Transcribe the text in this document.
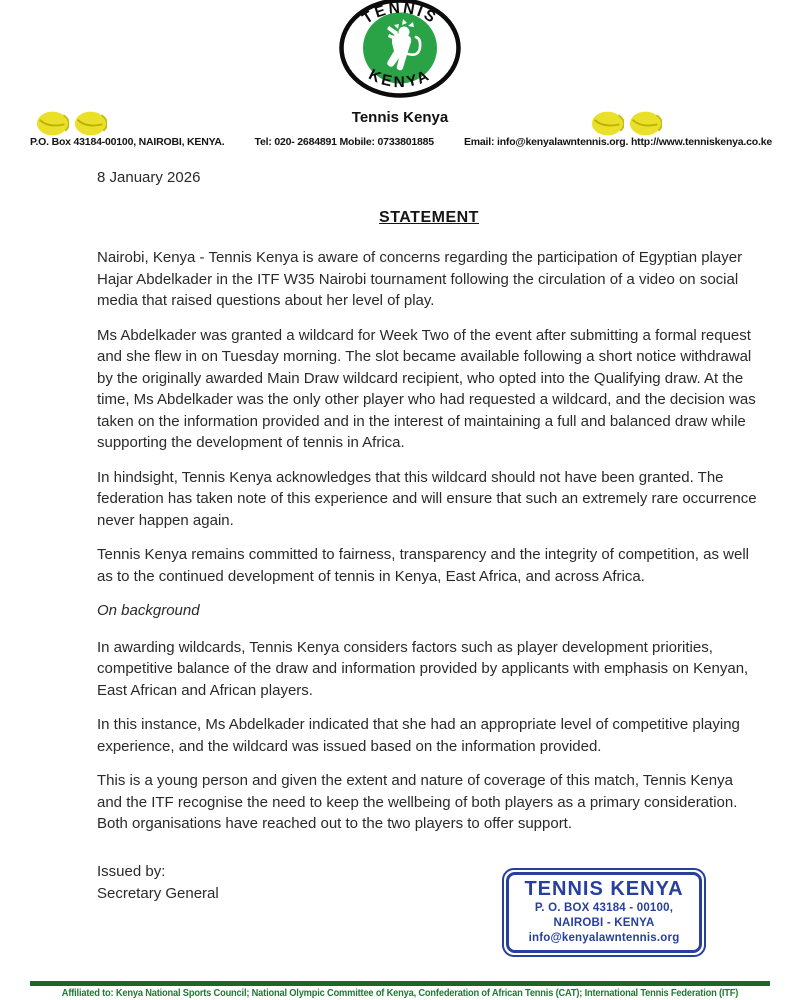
TENNIS
KENYA
Tennis Kenya
P.O. Box 43184-00100, NAIROBI, KENYA.	Tel: 020- 2684891 Mobile: 0733801885	Email: info@kenyalawntennis.org. http://www.tenniskenya.co.ke
8 January 2026
STATEMENT

Nairobi, Kenya - Tennis Kenya is aware of concerns regarding the participation of Egyptian player Hajar Abdelkader in the ITF W35 Nairobi tournament following the circulation of a video on social media that raised questions about her level of play.

Ms Abdelkader was granted a wildcard for Week Two of the event after submitting a formal request and she flew in on Tuesday morning. The slot became available following a short notice withdrawal by the originally awarded Main Draw wildcard recipient, who opted into the Qualifying draw. At the time, Ms Abdelkader was the only other player who had requested a wildcard, and the decision was taken on the information provided and in the interest of maintaining a full and balanced draw while supporting the development of tennis in Africa.

In hindsight, Tennis Kenya acknowledges that this wildcard should not have been granted. The federation has taken note of this experience and will ensure that such an extremely rare occurrence never happen again.

Tennis Kenya remains committed to fairness, transparency and the integrity of competition, as well as to the continued development of tennis in Kenya, East Africa, and across Africa.

On background

In awarding wildcards, Tennis Kenya considers factors such as player development priorities, competitive balance of the draw and information provided by applicants with emphasis on Kenyan, East African and African players.

In this instance, Ms Abdelkader indicated that she had an appropriate level of competitive playing experience, and the wildcard was issued based on the information provided.

This is a young person and given the extent and nature of coverage of this match, Tennis Kenya and the ITF recognise the need to keep the wellbeing of both players as a primary consideration. Both organisations have reached out to the two players to offer support.

Issued by:
Secretary General	TENNIS KENYA
P. O. BOX 43184 - 00100,
NAIROBI - KENYA
info@kenyalawntennis.org
Affiliated to: Kenya National Sports Council; National Olympic Committee of Kenya, Confederation of African Tennis (CAT); International Tennis Federation (ITF)
